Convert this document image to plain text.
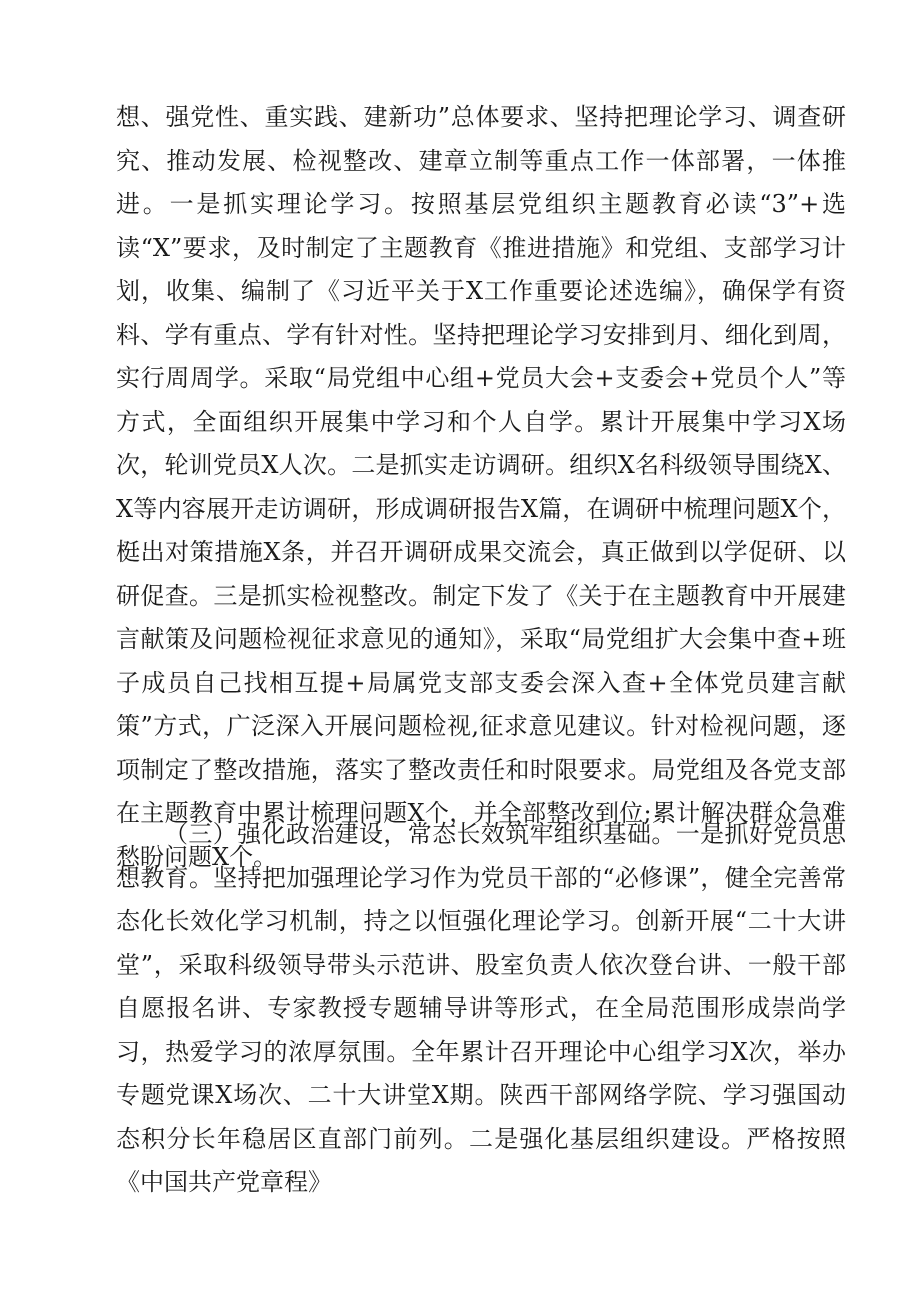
想、强党性、重实践、建新功”总体要求、坚持把理论学习、调查研究、推动发展、检视整改、建章立制等重点工作一体部署，一体推进。一是抓实理论学习。按照基层党组织主题教育必读“3”+选读“X”要求，及时制定了主题教育《推进措施》和党组、支部学习计划，收集、编制了《习近平关于X工作重要论述选编》，确保学有资料、学有重点、学有针对性。坚持把理论学习安排到月、细化到周，实行周周学。采取“局党组中心组+党员大会+支委会+党员个人”等方式，全面组织开展集中学习和个人自学。累计开展集中学习X场次，轮训党员X人次。二是抓实走访调研。组织X名科级领导围绕X、X等内容展开走访调研，形成调研报告X篇，在调研中梳理问题X个，梃出对策措施X条，并召开调研成果交流会，真正做到以学促研、以研促查。三是抓实检视整改。制定下发了《关于在主题教育中开展建言献策及问题检视征求意见的通知》，采取“局党组扩大会集中查+班子成员自己找相互提+局属党支部支委会深入查+全体党员建言献策”方式，广泛深入开展问题检视,征求意见建议。针对检视问题，逐项制定了整改措施，落实了整改责任和时限要求。局党组及各党支部在主题教育中累计梳理问题X个，并全部整改到位;累计解决群众急难愁盼问题X个。

（三）强化政治建设，常态长效筑牢组织基础。一是抓好党员思想教育。坚持把加强理论学习作为党员干部的“必修课”，健全完善常态化长效化学习机制，持之以恒强化理论学习。创新开展“二十大讲堂”，采取科级领导带头示范讲、股室负责人依次登台讲、一般干部自愿报名讲、专家教授专题辅导讲等形式，在全局范围形成崇尚学习，热爱学习的浓厚氛围。全年累计召开理论中心组学习X次，举办专题党课X场次、二十大讲堂X期。陕西干部网络学院、学习强国动态积分长年稳居区直部门前列。二是强化基层组织建设。严格按照《中国共产党章程》
